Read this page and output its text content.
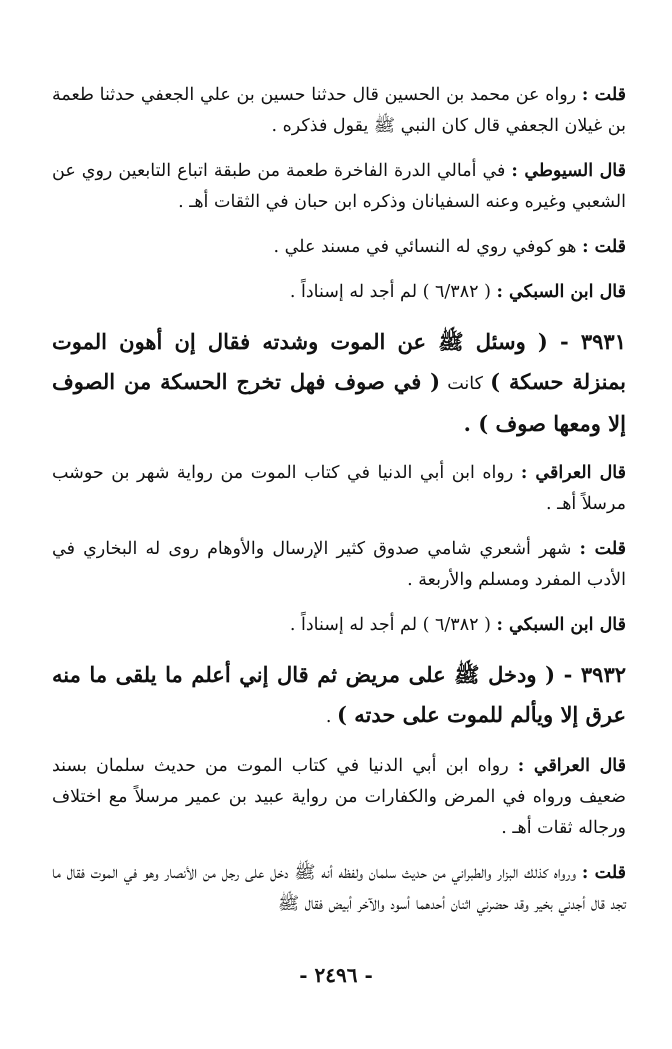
قلت : رواه عن محمد بن الحسين قال حدثنا حسين بن علي الجعفي حدثنا طعمة بن غيلان الجعفي قال كان النبي ﷺ يقول فذكره .

قال السيوطي : في أمالي الدرة الفاخرة طعمة من طبقة اتباع التابعين روي عن الشعبي وغيره وعنه السفيانان وذكره ابن حبان في الثقات أهـ .

قلت : هو كوفي روي له النسائي في مسند علي .

قال ابن السبكي : ( ٦/٣٨٢ ) لم أجد له إسناداً .

٣٩٣١ - ( وسئل ﷺ عن الموت وشدته فقال إن أهون الموت بمنزلة حسكة ) كانت ( في صوف فهل تخرج الحسكة من الصوف إلا ومعها صوف ) .

قال العراقي : رواه ابن أبي الدنيا في كتاب الموت من رواية شهر بن حوشب مرسلاً أهـ .

قلت : شهر أشعري شامي صدوق كثير الإرسال والأوهام روى له البخاري في الأدب المفرد ومسلم والأربعة .

قال ابن السبكي : ( ٦/٣٨٢ ) لم أجد له إسناداً .

٣٩٣٢ - ( ودخل ﷺ على مريض ثم قال إني أعلم ما يلقى ما منه عرق إلا ويألم للموت على حدته ) .

قال العراقي : رواه ابن أبي الدنيا في كتاب الموت من حديث سلمان بسند ضعيف ورواه في المرض والكفارات من رواية عبيد بن عمير مرسلاً مع اختلاف ورجاله ثقات أهـ .

قلت : ورواه كذلك البزار والطبراني من حديث سلمان ولفظه أنه ﷺ دخل على رجل من الأنصار وهو في الموت فقال ما تجد قال أجدني بخير وقد حضرني اثنان أحدهما أسود والآخر أبيض فقال ﷺ

- ٢٤٩٦ -
